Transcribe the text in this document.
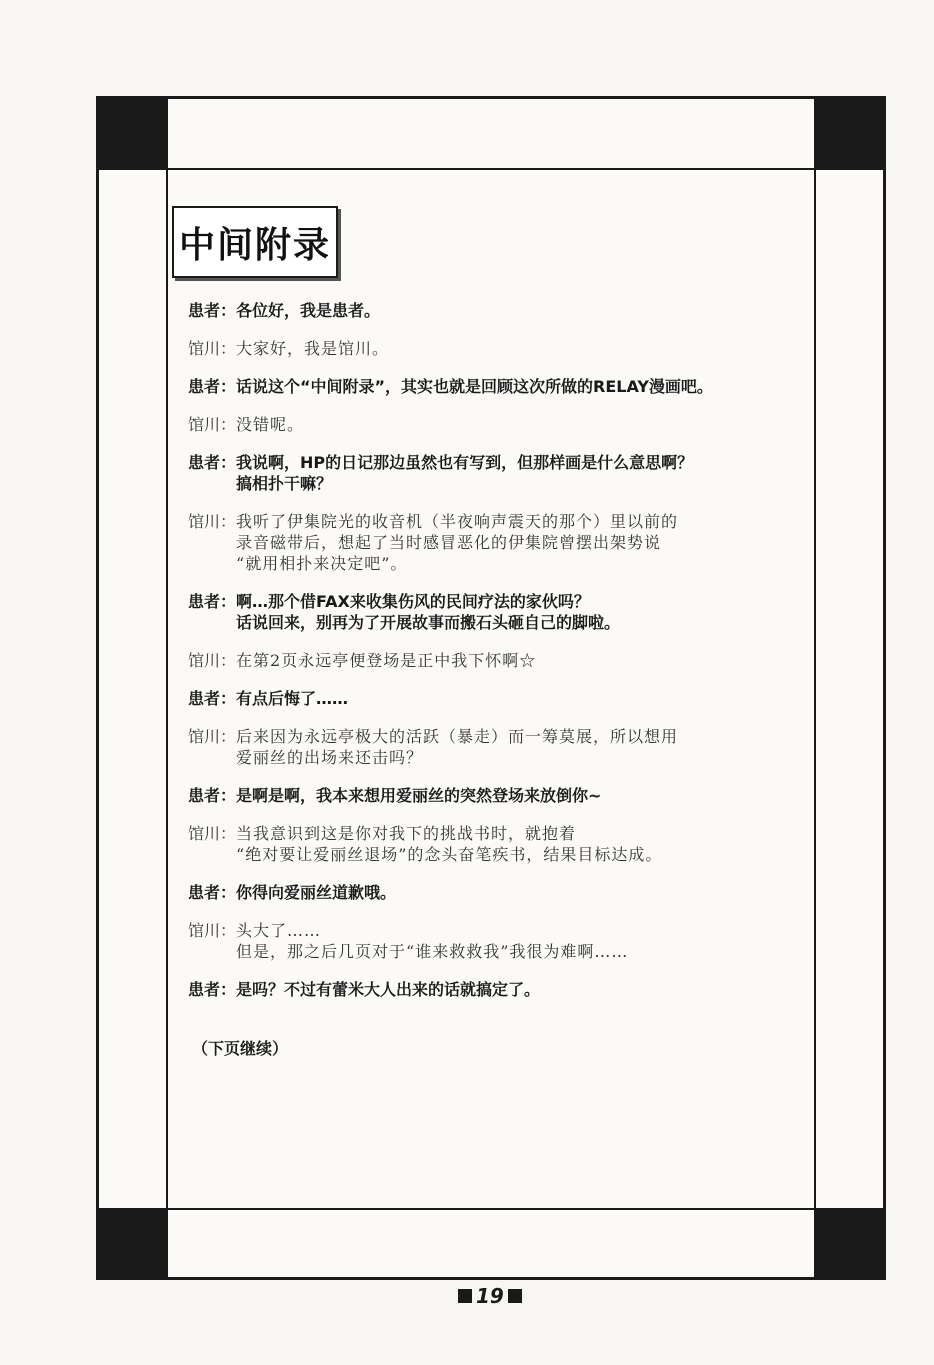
中间附录
患者： 各位好，我是患者。
馆川： 大家好，我是馆川。
患者： 话说这个“中间附录”，其实也就是回顾这次所做的RELAY漫画吧。
馆川： 没错呢。
患者： 我说啊，HP的日记那边虽然也有写到，但那样画是什么意思啊？
搞相扑干嘛？
馆川： 我听了伊集院光的收音机（半夜响声震天的那个）里以前的
录音磁带后，想起了当时感冒恶化的伊集院曾摆出架势说
“就用相扑来决定吧”。
患者： 啊…那个借FAX来收集伤风的民间疗法的家伙吗？
话说回来，别再为了开展故事而搬石头砸自己的脚啦。
馆川： 在第2页永远亭便登场是正中我下怀啊☆
患者： 有点后悔了……
馆川： 后来因为永远亭极大的活跃（暴走）而一筹莫展，所以想用
爱丽丝的出场来还击吗？
患者： 是啊是啊，我本来想用爱丽丝的突然登场来放倒你~
馆川： 当我意识到这是你对我下的挑战书时，就抱着
“绝对要让爱丽丝退场”的念头奋笔疾书，结果目标达成。
患者： 你得向爱丽丝道歉哦。
馆川： 头大了……
但是，那之后几页对于“谁来救救我”我很为难啊……
患者： 是吗？不过有蕾米大人出来的话就搞定了。
（下页继续）
19
